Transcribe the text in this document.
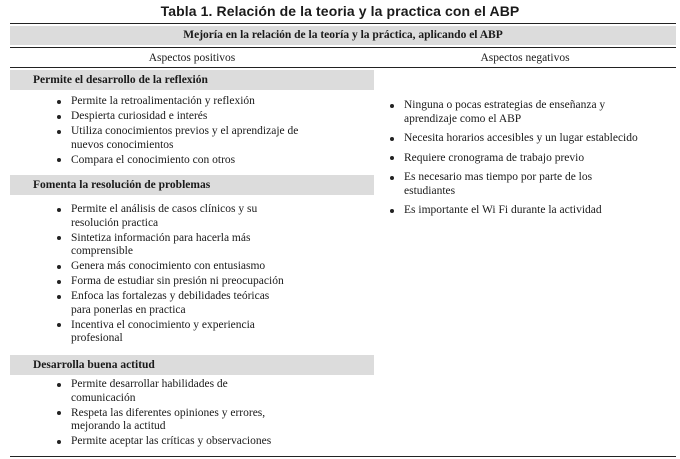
Tabla 1. Relación de la teoria y la practica con el ABP
Mejoría en la relación de la teoría y la práctica, aplicando el ABP
Aspectos positivos	Aspectos negativos
Permite el desarrollo de la reflexión
Permite la retroalimentación y reflexión
Despierta curiosidad e interés
Utiliza conocimientos previos y el aprendizaje de nuevos conocimientos
Compara el conocimiento con otros
Fomenta la resolución de problemas
Permite el análisis de casos clínicos y su resolución practica
Sintetiza información para hacerla más comprensible
Genera más conocimiento con entusiasmo
Forma de estudiar sin presión ni preocupación
Enfoca las fortalezas y debilidades teóricas para ponerlas en practica
Incentiva el conocimiento y experiencia profesional
Desarrolla buena actitud
Permite desarrollar habilidades de comunicación
Respeta las diferentes opiniones y errores, mejorando la actitud
Permite aceptar las críticas y observaciones
Ninguna o pocas estrategias de enseñanza y aprendizaje como el ABP
Necesita horarios accesibles y un lugar establecido
Requiere cronograma de trabajo previo
Es necesario mas tiempo por parte de los estudiantes
Es importante el Wi Fi durante la actividad
